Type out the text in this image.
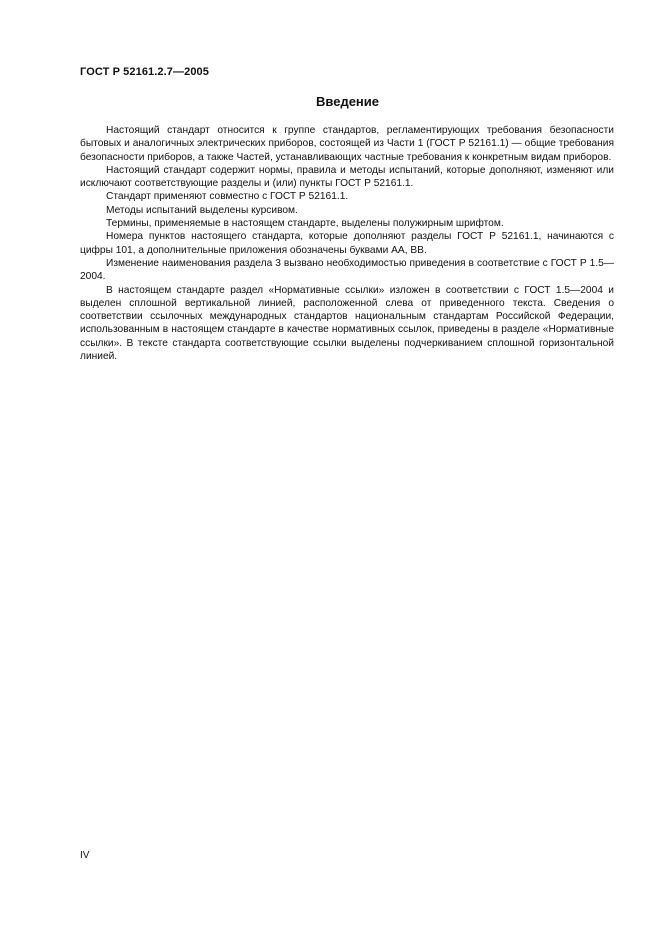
ГОСТ Р 52161.2.7—2005
Введение

Настоящий стандарт относится к группе стандартов, регламентирующих требования безопасности бытовых и аналогичных электрических приборов, состоящей из Части 1 (ГОСТ Р 52161.1) — общие требования безопасности приборов, а также Частей, устанавливающих частные требования к конкретным видам приборов.

Настоящий стандарт содержит нормы, правила и методы испытаний, которые дополняют, изменяют или исключают соответствующие разделы и (или) пункты ГОСТ Р 52161.1.

Стандарт применяют совместно с ГОСТ Р 52161.1.

Методы испытаний выделены курсивом.

Термины, применяемые в настоящем стандарте, выделены полужирным шрифтом.

Номера пунктов настоящего стандарта, которые дополняют разделы ГОСТ Р 52161.1, начинаются с цифры 101, а дополнительные приложения обозначены буквами АА, ВВ.

Изменение наименования раздела 3 вызвано необходимостью приведения в соответствие с ГОСТ Р 1.5—2004.

В настоящем стандарте раздел «Нормативные ссылки» изложен в соответствии с ГОСТ 1.5—2004 и выделен сплошной вертикальной линией, расположенной слева от приведенного текста. Сведения о соответствии ссылочных международных стандартов национальным стандартам Российской Федерации, использованным в настоящем стандарте в качестве нормативных ссылок, приведены в разделе «Нормативные ссылки». В тексте стандарта соответствующие ссылки выделены подчеркиванием сплошной горизонтальной линией.

IV
